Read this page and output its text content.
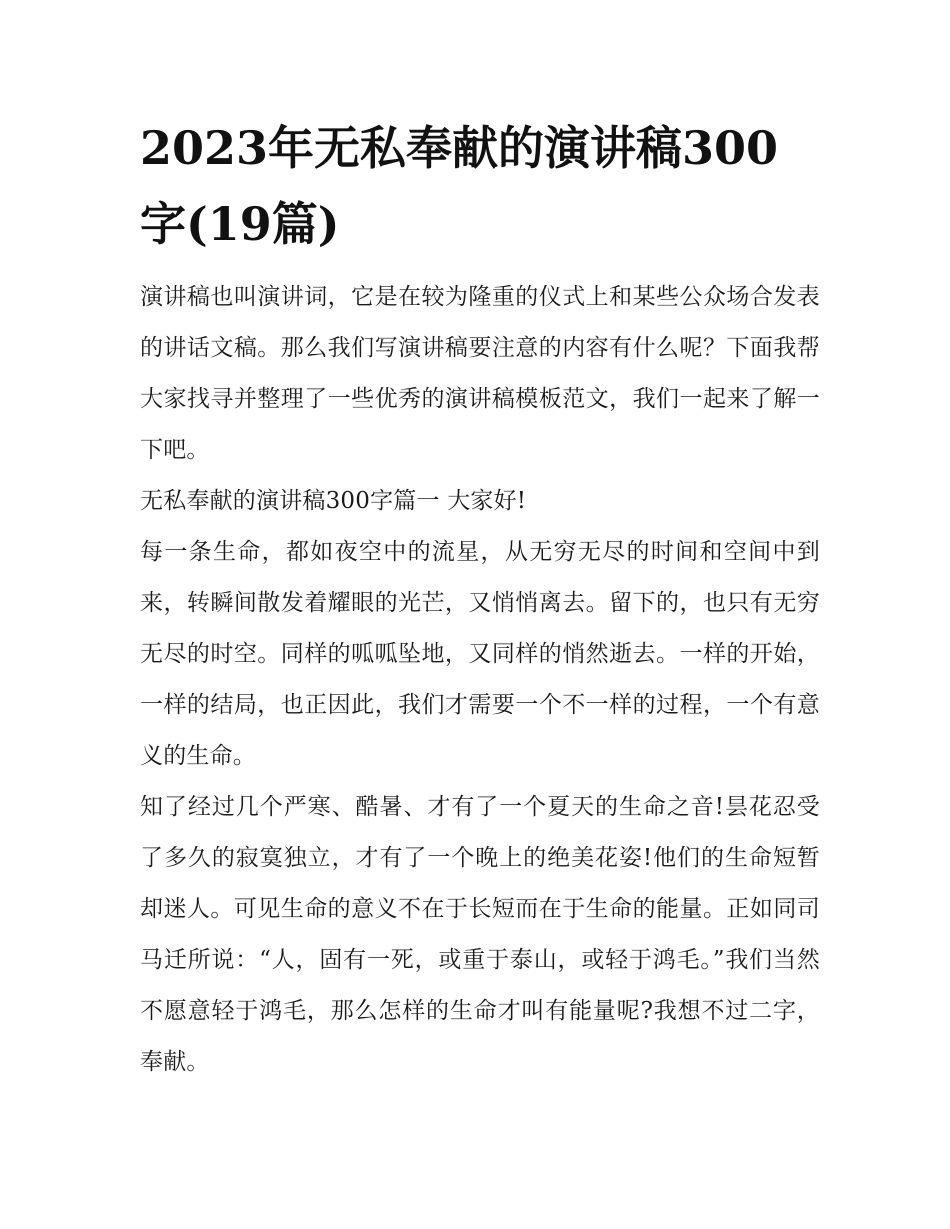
2023年无私奉献的演讲稿300字(19篇)

演讲稿也叫演讲词，它是在较为隆重的仪式上和某些公众场合发表的讲话文稿。那么我们写演讲稿要注意的内容有什么呢？下面我帮大家找寻并整理了一些优秀的演讲稿模板范文，我们一起来了解一下吧。

无私奉献的演讲稿300字篇一 大家好!

每一条生命，都如夜空中的流星，从无穷无尽的时间和空间中到来，转瞬间散发着耀眼的光芒，又悄悄离去。留下的，也只有无穷无尽的时空。同样的呱呱坠地，又同样的悄然逝去。一样的开始，一样的结局，也正因此，我们才需要一个不一样的过程，一个有意义的生命。

知了经过几个严寒、酷暑、才有了一个夏天的生命之音!昙花忍受了多久的寂寞独立，才有了一个晚上的绝美花姿!他们的生命短暂却迷人。可见生命的意义不在于长短而在于生命的能量。正如同司马迁所说：“人，固有一死，或重于泰山，或轻于鸿毛。”我们当然不愿意轻于鸿毛，那么怎样的生命才叫有能量呢?我想不过二字，奉献。
